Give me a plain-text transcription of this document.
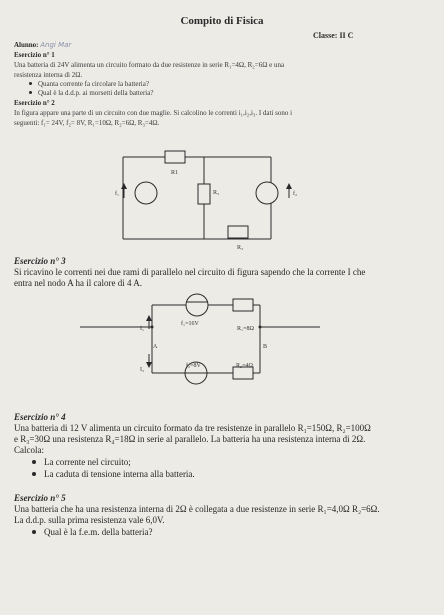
Compito di Fisica
Alunno: Angi Mar
Classe: II C
Esercizio n° 1
Una batteria di 24V alimenta un circuito formato da due resistenze in serie R₁=4Ω, R₂=6Ω e una
resistenza interna di 2Ω.
Quanta corrente fa circolare la batteria?
Qual è la d.d.p. ai morsetti della batteria?
Esercizio n° 2
In figura appare una parte di un circuito con due maglie. Si calcolino le correnti i₁,i₂,i₃. I dati sono i
seguenti: f₁= 24V, f₂= 8V, R₁=10Ω, R₂=6Ω, R₃=4Ω.
R1
f₁	R₃	f₂
R₂
Esercizio n° 3
Si ricavino le correnti nei due rami di parallelo nel circuito di figura sapendo che la corrente I che
entra nel nodo A ha il calore di 4 A.
f₁=16V
R₁=8Ω
I₁
A	B
I₂
f₂=8V	R₂=4Ω
Esercizio n° 4
Una batteria di 12 V alimenta un circuito formato da tre resistenze in parallelo R₁=150Ω, R₂=100Ω
e R₃=30Ω una resistenza R₄=18Ω in serie al parallelo. La batteria ha una resistenza interna di 2Ω.
Calcola:
La corrente nel circuito;
La caduta di tensione interna alla batteria.
Esercizio n° 5
Una batteria che ha una resistenza interna di 2Ω è collegata a due resistenze in serie R₁=4,0Ω R₂=6Ω.
La d.d.p. sulla prima resistenza vale 6,0V.
Qual è la f.e.m. della batteria?
